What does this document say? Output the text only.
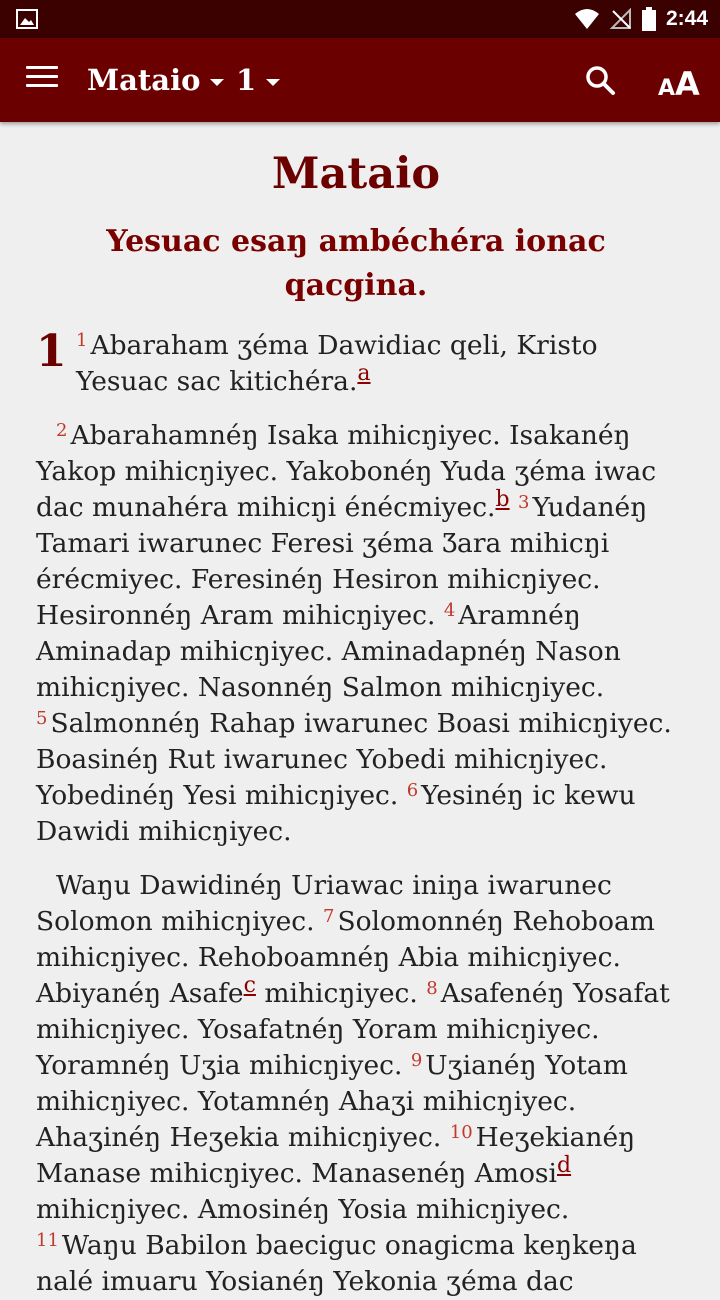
2:44
Mataio 1	A A
Mataio
Yesuac esaŋ ambéchéra ionac qacgina.

1 $^1$ Abaraham ʒéma Dawidiac qeli, Kristo Yesuac sac kitichéra.$^a$

$^2$ Abarahamnéŋ Isaka mihicŋiyec. Isakanéŋ Yakop mihicŋiyec. Yakobonéŋ Yuda ʒéma iwac dac munahéra mihicŋi énécmiyec.$^b$ $^3$ Yudanéŋ Tamari iwarunec Feresi ʒéma Ʒara mihicŋi érécmiyec. Feresinéŋ Hesiron mihicŋiyec. Hesironnéŋ Aram mihicŋiyec. $^4$ Aramnéŋ Aminadap mihicŋiyec. Aminadapnéŋ Nason mihicŋiyec. Nasonnéŋ Salmon mihicŋiyec. $^5$ Salmonnéŋ Rahap iwarunec Boasi mihicŋiyec. Boasinéŋ Rut iwarunec Yobedi mihicŋiyec. Yobedinéŋ Yesi mihicŋiyec. $^6$ Yesinéŋ ic kewu Dawidi mihicŋiyec.

Waŋu Dawidinéŋ Uriawac iniŋa iwarunec Solomon mihicŋiyec. $^7$ Solomonnéŋ Rehoboam mihicŋiyec. Rehoboamnéŋ Abia mihicŋiyec. Abiyanéŋ Asafe$^c$ mihicŋiyec. $^8$ Asafenéŋ Yosafat mihicŋiyec. Yosafatnéŋ Yoram mihicŋiyec. Yoramnéŋ Uʒia mihicŋiyec. $^9$ Uʒianéŋ Yotam mihicŋiyec. Yotamnéŋ Ahaʒi mihicŋiyec. Ahaʒinéŋ Heʒekia mihicŋiyec. $^{10}$ Heʒekianéŋ Manase mihicŋiyec. Manasenéŋ Amosi$^d$ mihicŋiyec. Amosinéŋ Yosia mihicŋiyec. $^{11}$ Waŋu Babilon baeciguc onagicma keŋkeŋa nalé imuaru Yosianéŋ Yekonia ʒéma dac
